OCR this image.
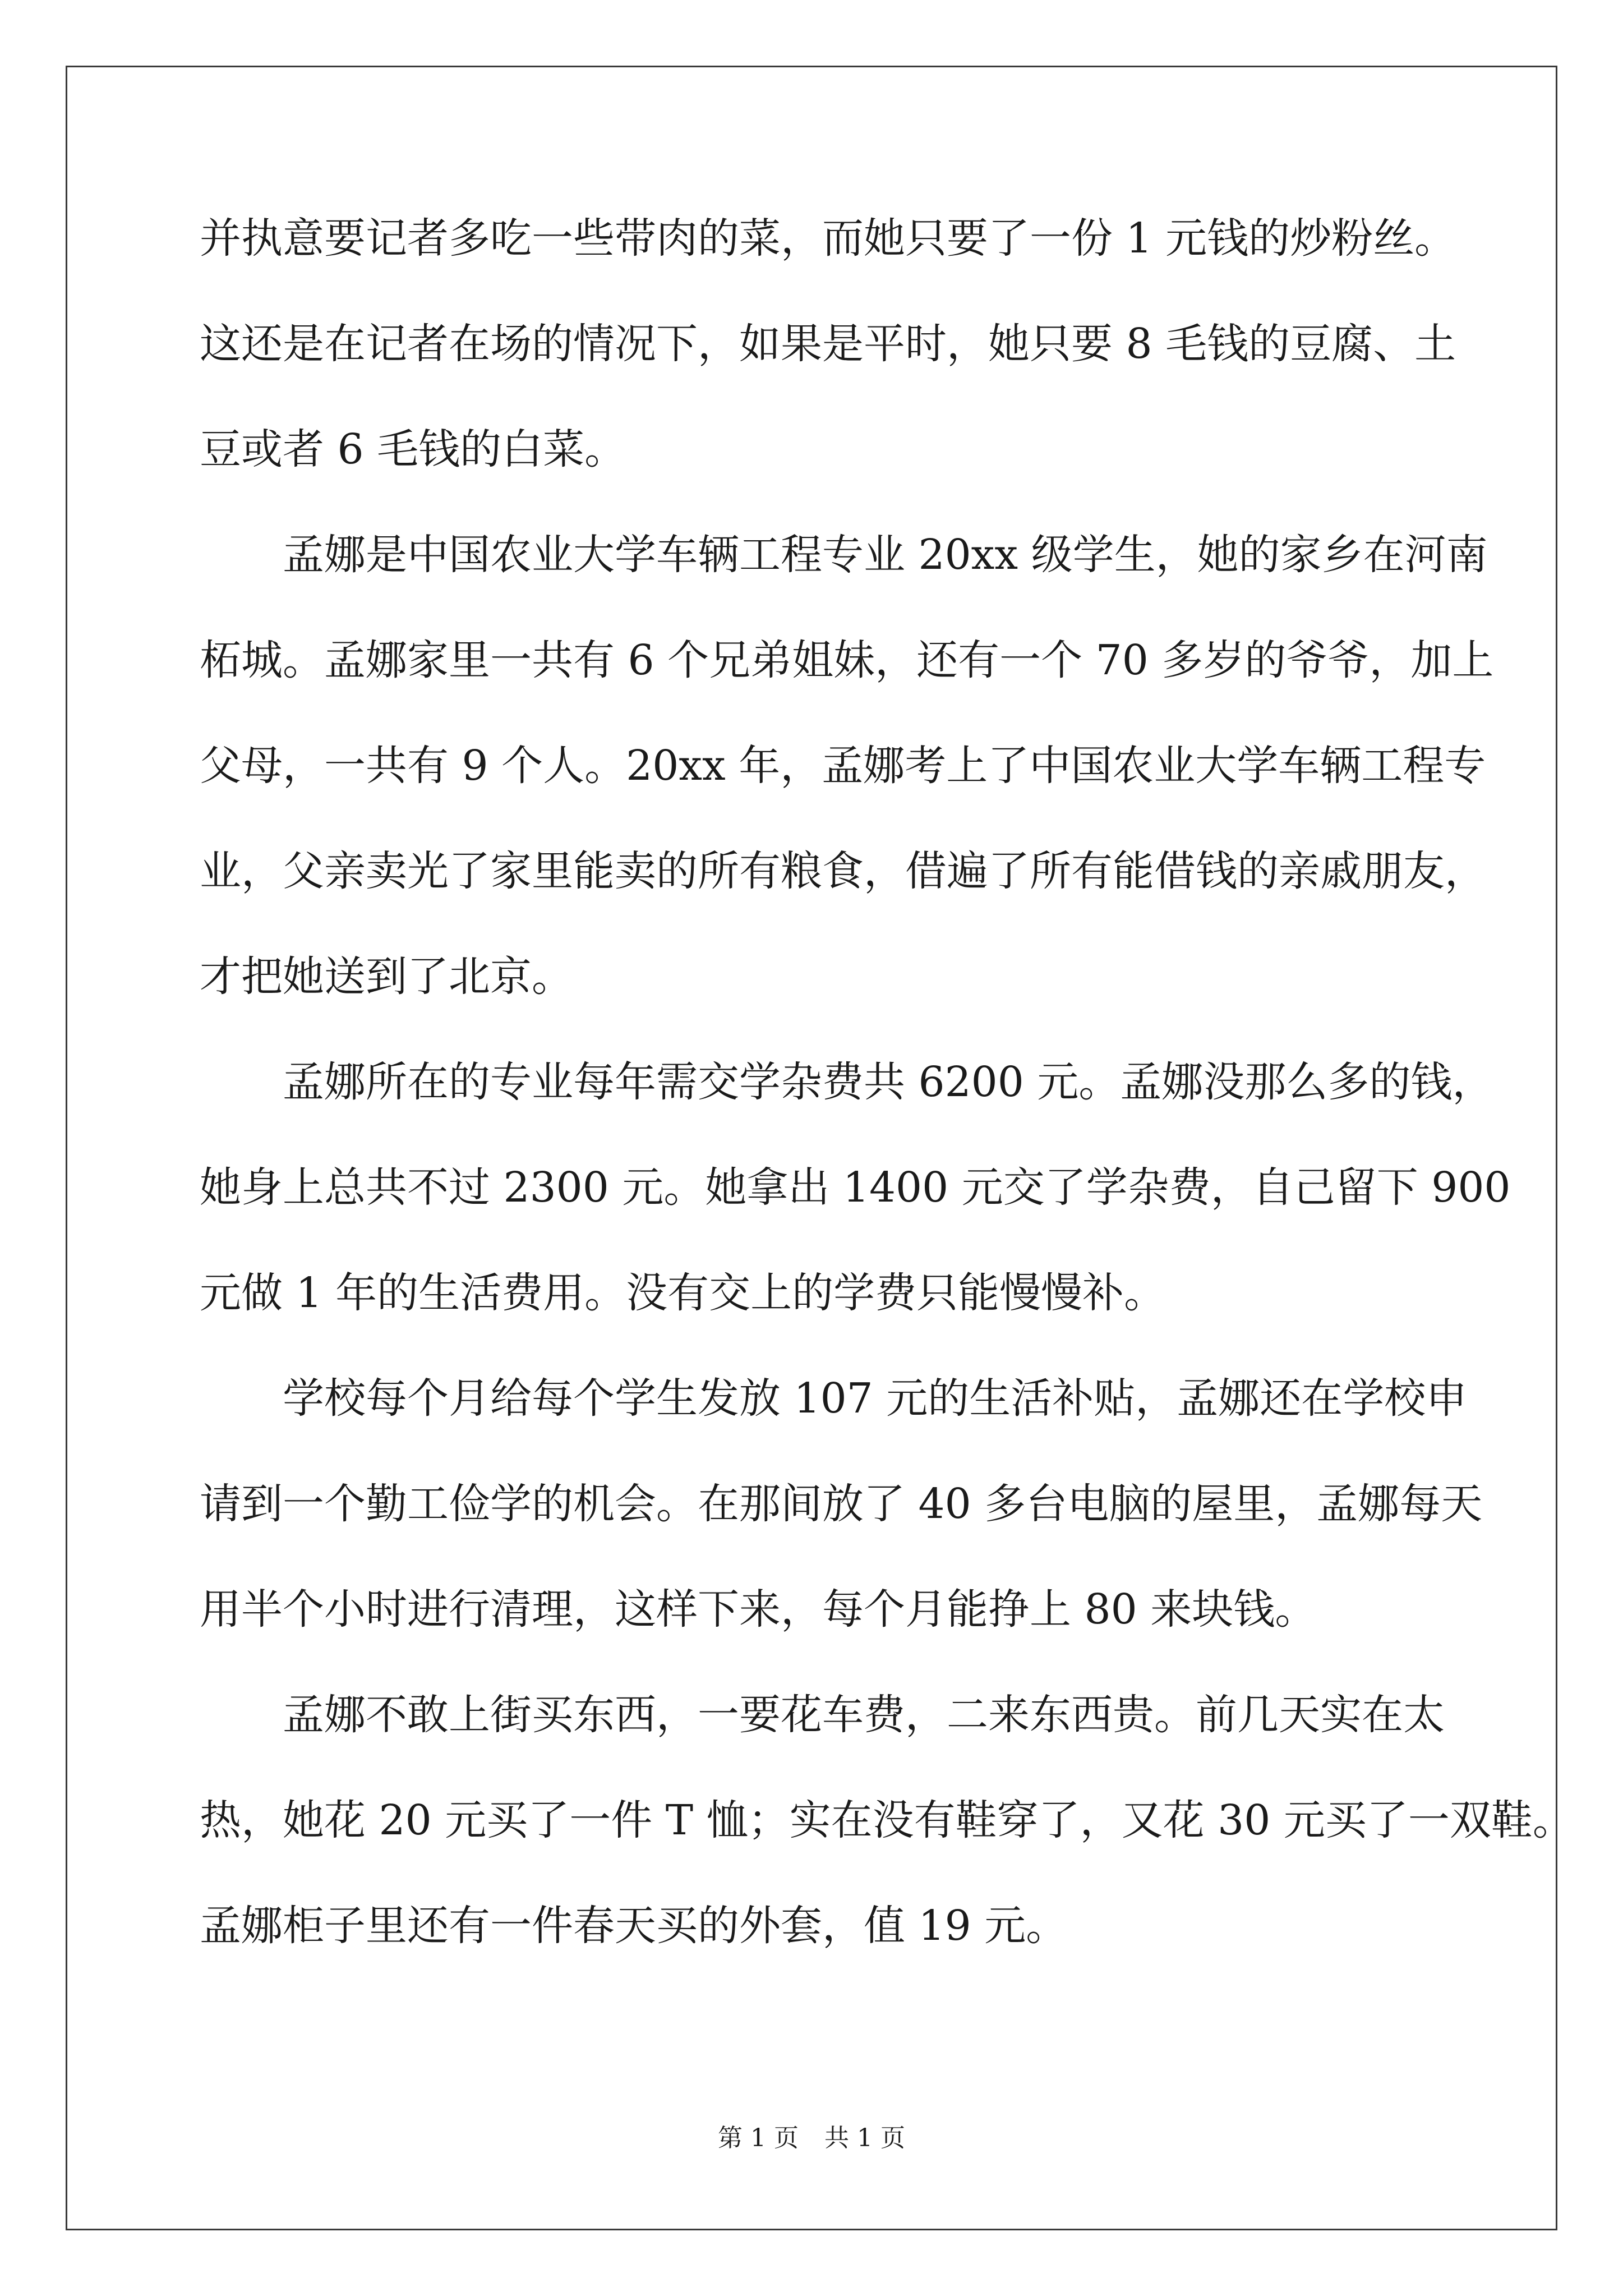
并执意要记者多吃一些带肉的菜，而她只要了一份 1 元钱的炒粉丝。
这还是在记者在场的情况下，如果是平时，她只要 8 毛钱的豆腐、土
豆或者 6 毛钱的白菜。
孟娜是中国农业大学车辆工程专业 20xx 级学生，她的家乡在河南
柘城。孟娜家里一共有 6 个兄弟姐妹，还有一个 70 多岁的爷爷，加上
父母，一共有 9 个人。20xx 年，孟娜考上了中国农业大学车辆工程专
业，父亲卖光了家里能卖的所有粮食，借遍了所有能借钱的亲戚朋友，
才把她送到了北京。
孟娜所在的专业每年需交学杂费共 6200 元。孟娜没那么多的钱，
她身上总共不过 2300 元。她拿出 1400 元交了学杂费，自己留下 900
元做 1 年的生活费用。没有交上的学费只能慢慢补。
学校每个月给每个学生发放 107 元的生活补贴，孟娜还在学校申
请到一个勤工俭学的机会。在那间放了 40 多台电脑的屋里，孟娜每天
用半个小时进行清理，这样下来，每个月能挣上 80 来块钱。
孟娜不敢上街买东西，一要花车费，二来东西贵。前几天实在太
热，她花 20 元买了一件 T 恤；实在没有鞋穿了，又花 30 元买了一双鞋。
孟娜柜子里还有一件春天买的外套，值 19 元。
第 1 页 共 1 页
